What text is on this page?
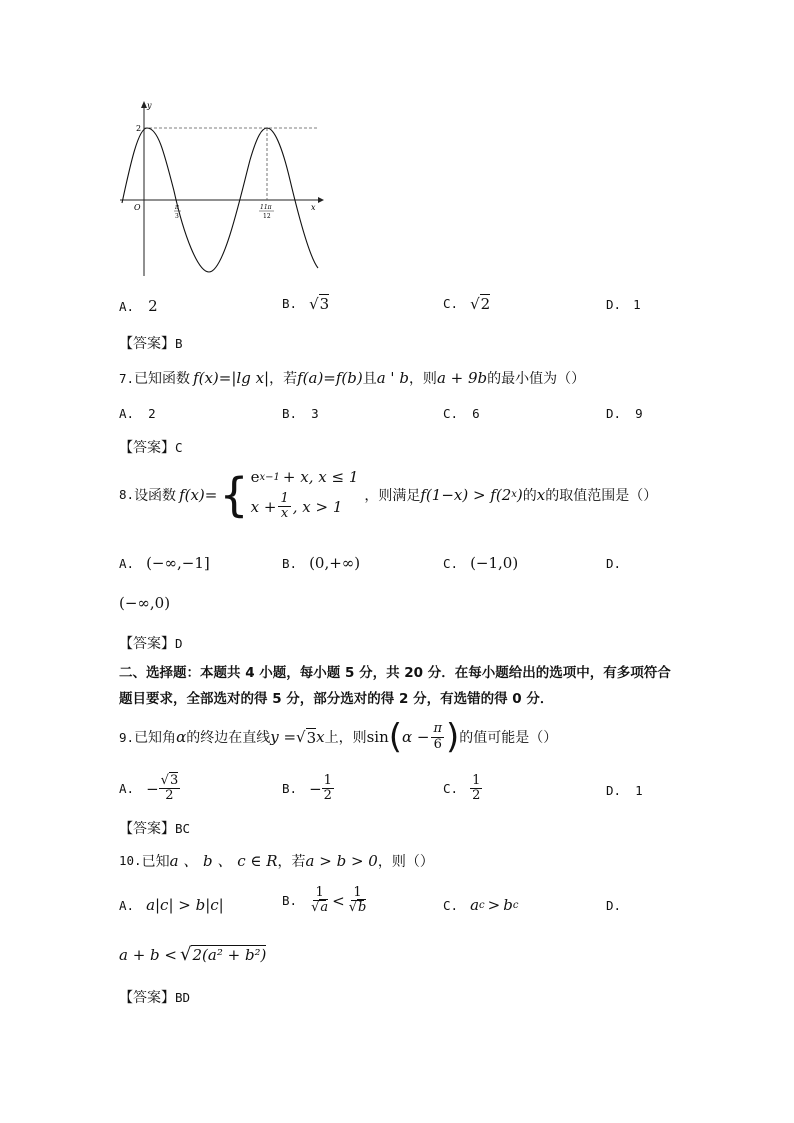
y
x
O
2
π
3
11π
12
A. 2	B. √ 3	C. √ 2	D. 1
【答案】 B
7. 已知函数 f(x)=|lg x| ，若 f(a)=f(b) 且 a ' b ，则 a + 9b 的最小值为（）
A. 2	B. 3	C. 6	D. 9
【答案】 C
8. 设函数 f(x)= { e x−1 + x, x ≤ 1
$x + \frac{1}{x}$ , x > 1
，则满足 f(1−x) > f(2 x ) 的 x 的取值范围是（）
A. (−∞,−1]	B. (0,+∞)	C. (−1,0)	D.
(−∞,0)
【答案】 D
二、选择题：本题共 4 小题，每小题 5 分，共 20 分．在每小题给出的选项中，有多项符合
题目要求，全部选对的得 5 分，部分选对的得 2 分，有选错的得 0 分．
9. 已知角 α 的终边在直线 y = √ 3 x 上，则 sin ( $\alpha - \frac{\pi}{6}$ ) 的值可能是（）
A. − $\frac{√3}{2}$	B. − $\frac{1}{2}$	C. $\frac{1}{2}$	D. 1
【答案】 BC
10. 已知 a 、 b 、 c ∈ R ，若 a > b > 0 ，则（）
A. a|c| > b|c|	B. $\frac{1}{√a} < \frac{1}{√b}$	C. a c > b c	D.
a + b < √ 2(a² + b²)
【答案】 BD
